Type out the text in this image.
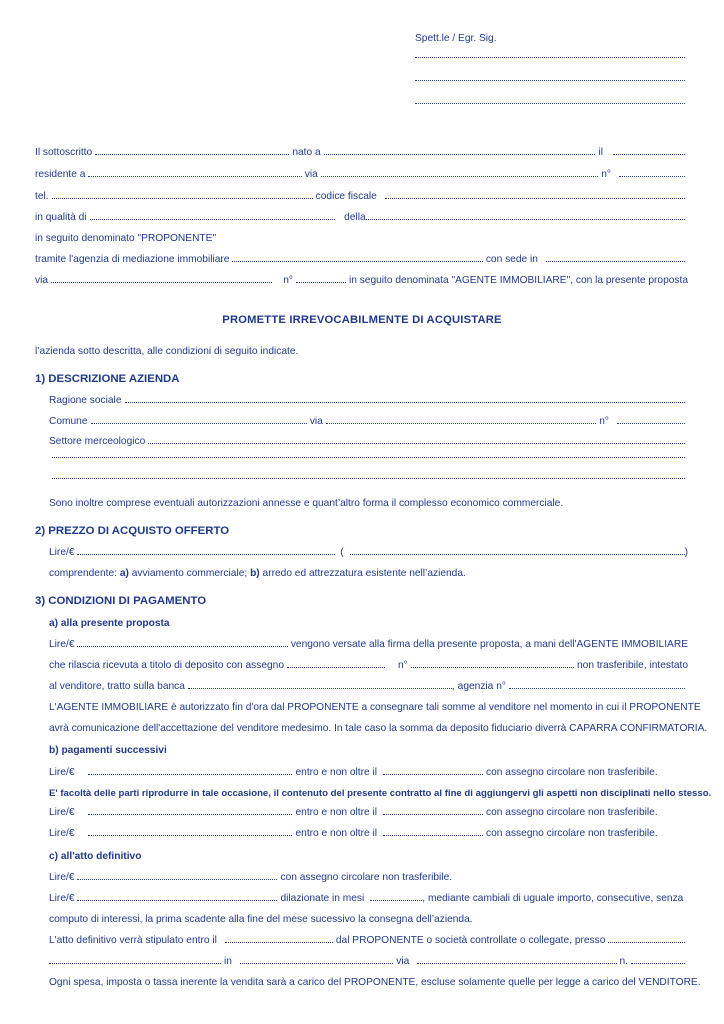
Spett.le / Egr. Sig.
Il sottoscritto	nato a	il
residente a	via	n°
tel.	codice fiscale
in qualità di	della
in seguito denominato "PROPONENTE"
tramite l'agenzia di mediazione immobiliare	con sede in
via	n°	in seguito denominata "AGENTE IMMOBILIARE", con la presente proposta
PROMETTE IRREVOCABILMENTE DI ACQUISTARE
l’azienda sotto descritta, alle condizioni di seguito indicate.
1) DESCRIZIONE AZIENDA
Ragione sociale
Comune	via	n°
Settore merceologico
Sono inoltre comprese eventuali autorizzazioni annesse e quant’altro forma il complesso economico commerciale.
2) PREZZO DI ACQUISTO OFFERTO
Lire/€	(	)
comprendente:
a)
avviamento commerciale;
b)
arredo ed attrezzatura esistente nell’azienda.
3) CONDIZIONI DI PAGAMENTO
a) alla presente proposta
Lire/€	vengono versate alla firma della presente proposta, a mani dell'AGENTE IMMOBILIARE
che rilascia ricevuta a titolo di deposito con assegno	n°	non trasferibile, intestato
al venditore, tratto sulla banca	, agenzia
n°
L'AGENTE IMMOBILIARE è autorizzato fin d'ora dal PROPONENTE a consegnare tali somme al venditore nel momento in cui il PROPONENTE
avrà comunicazione dell'accettazione del venditore medesimo. In tale caso la somma da deposito fiduciario diverrà CAPARRA CONFIRMATORIA.
b) pagamenti successivi
Lire/€	entro e non oltre il	con assegno circolare non trasferibile.
E' facoltà delle parti riprodurre in tale occasione, il contenuto del presente contratto al fine di aggiungervi gli aspetti non disciplinati nello stesso.
Lire/€	entro e non oltre il	con assegno circolare non trasferibile.
Lire/€	entro e non oltre il	con assegno circolare non trasferibile.
c) all'atto definitivo
Lire/€	con assegno circolare non trasferibile.
Lire/€	dilazionate in mesi	, mediante cambiali di uguale importo, consecutive, senza
computo di interessi, la prima scadente alla fine del mese sucessivo la consegna dell’azienda.
L'atto definitivo verrà stipulato entro il	dal PROPONENTE o società controllate o collegate, presso
in	via	n.
Ogni spesa, imposta o tassa inerente la vendita sarà a carico del PROPONENTE, escluse solamente quelle per legge a carico del VENDITORE.
